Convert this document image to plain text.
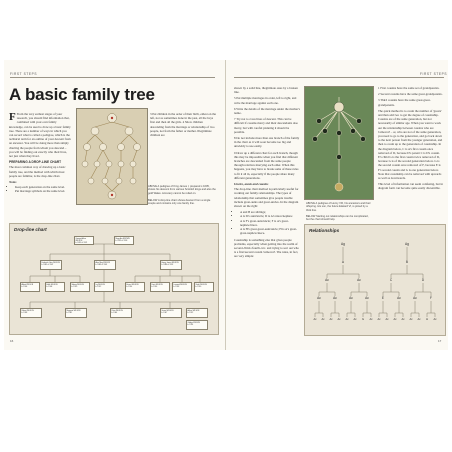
FIRST STEPS	FIRST STEPS
A basic family tree

F From the very earliest stages of your research, you should find information that, combined with your own family knowledge, can be used to draw up a basic family tree. There are a number of ways in which you can record what is called a pedigree, which is the technical term for an outline of your descent from an ancestor. You will be doing more than simply charting the people from whom you descend – you will be finding out exactly who their lives, not just when they lived.

PREPARING A DROP-LINE CHART

The most common way of drawing up a basic family tree, and the method with which most people are familiar, is the drop-line chart.

Notes
• Keep each generation on the same level.
• Put marriage symbols on the same level.

3 Put children in the order of their birth, eldest on the left, not as sometimes done in the past, all the boys first and then all the girls. 4 Show children descending from the marriage or relationship of two people, not from the father or mother. Illegitimate children are

ABOVE A pedigree of King James I, prepared c.1605, shows his descent from various Scottish kings and also the gold Wales. Accuracy cannot be relied on.
BELOW A drop-line chart shows descent from a single couple and contains only one family line.
Drop-line chart
George Arthur WILSON
b. 1852 d. 1921
Mary Ann BROWN
b. 1855 d. 1930
Frederick John WILSON
b. 1881 d. 1947
Alice May WILSON
b. 1883 d. 1961
Henry James WILSON
b. 1886 d. 1952
Albert WILSON
b. 1906
Edith WILSON
b. 1908
Sidney WILSON
b. 1910
Ivy WILSON
b. 1912
Ernest WILSON
b. 1914
Doris WILSON
b. 1916
Leonard WILSON
b. 1918
Violet WILSON
b. 1920
Robert WILSON
b. 1938
Margaret WILSON
b. 1941
Peter WILSON
b. 1944
Susan WILSON
b. 1947
Arthur WILSON
b. 1922
Gladys WILSON
b. 1924
16

shown by a solid line, illegitimate ones by a broken line.

5 Put multiple marriages in order, left to right, and write the marriage against each one.

6 Write the details of the marriage under the mother's name.

7 Try not to cross lines of descent. This can be difficult if cousins marry and their descendants also marry, but with careful planning it should be possible.

8 Do not include more than one branch of the family in the chart as it will soon become too big and unwieldy to use easily.

9 Draw up a different chart for each branch, though this may be impossible when you find that different branches are descended from the same people through relatives marrying each other. When this happens, you may have to break some of these rules to fit it all in, especially if the people share many different generations.

Uncles, aunts and cousins

The drop-line chart method is particularly useful for working out family relationships. The types of relationship that sometimes give people trouble include great-aunts and great-uncles. In the diagram shown on the right:

• A and B are siblings;
• A is D's aunt/uncle; D is A's niece/nephew.
• A is F's great-aunt/uncle; F is A's great-nephew/niece.
• A is H's great-great-aunt/uncle; H is A's great-great-nephew/niece.

Cousinship is something else that gives people problems, especially when getting into the realm of second-/third-/fourth-/etc. and trying to sort out who is a first/second cousin 'removed'. The rules, in fact, are very simple:

ABOVE A pedigree of Henry VIII, his ancestors and their offspring. His son, the future Edward VI, is joined by a thick line.
BELOW Starting out relationships can be complicated, but the chart should help.

1 First cousins have the same set of grandparents.

2 Second cousins have the same great-grandparents.

3 Third cousins have the same great-great-grandparents.

The quick method is to count the number of 'greats' and then add two to get the degree of cousinship. Cousins are of the same generation, but not necessarily of similar age. When you want to work out the relationship between cousins who are 'removed' – or, who are not of the same generation, you need to go to the generation, and go back down to the next person from the younger generation, and then to count up to the generation of cousinship. In the diagram below, C is A's first cousin once removed of D, because D's parent C is D's cousin. E's child G is the first cousin twice removed of D, because G is of the second generation below. G is the second cousin once removed of F, because E is F's second cousin and G is one generation below. Note that cousinship can be removed with upwards as well as downwards.

This level of information can seem confusing, but in diagram form can become quite easily discernible.

Relationships
Ag	Ag
A	B
Ac	Ac	C	D
Ac	Ac	Ac	Ac	E	Ac	Ac	F
Ac Ac Ac Ac Ac Ac G Ac Ac Ac Ac Ac Ac Ac H Ac
17
